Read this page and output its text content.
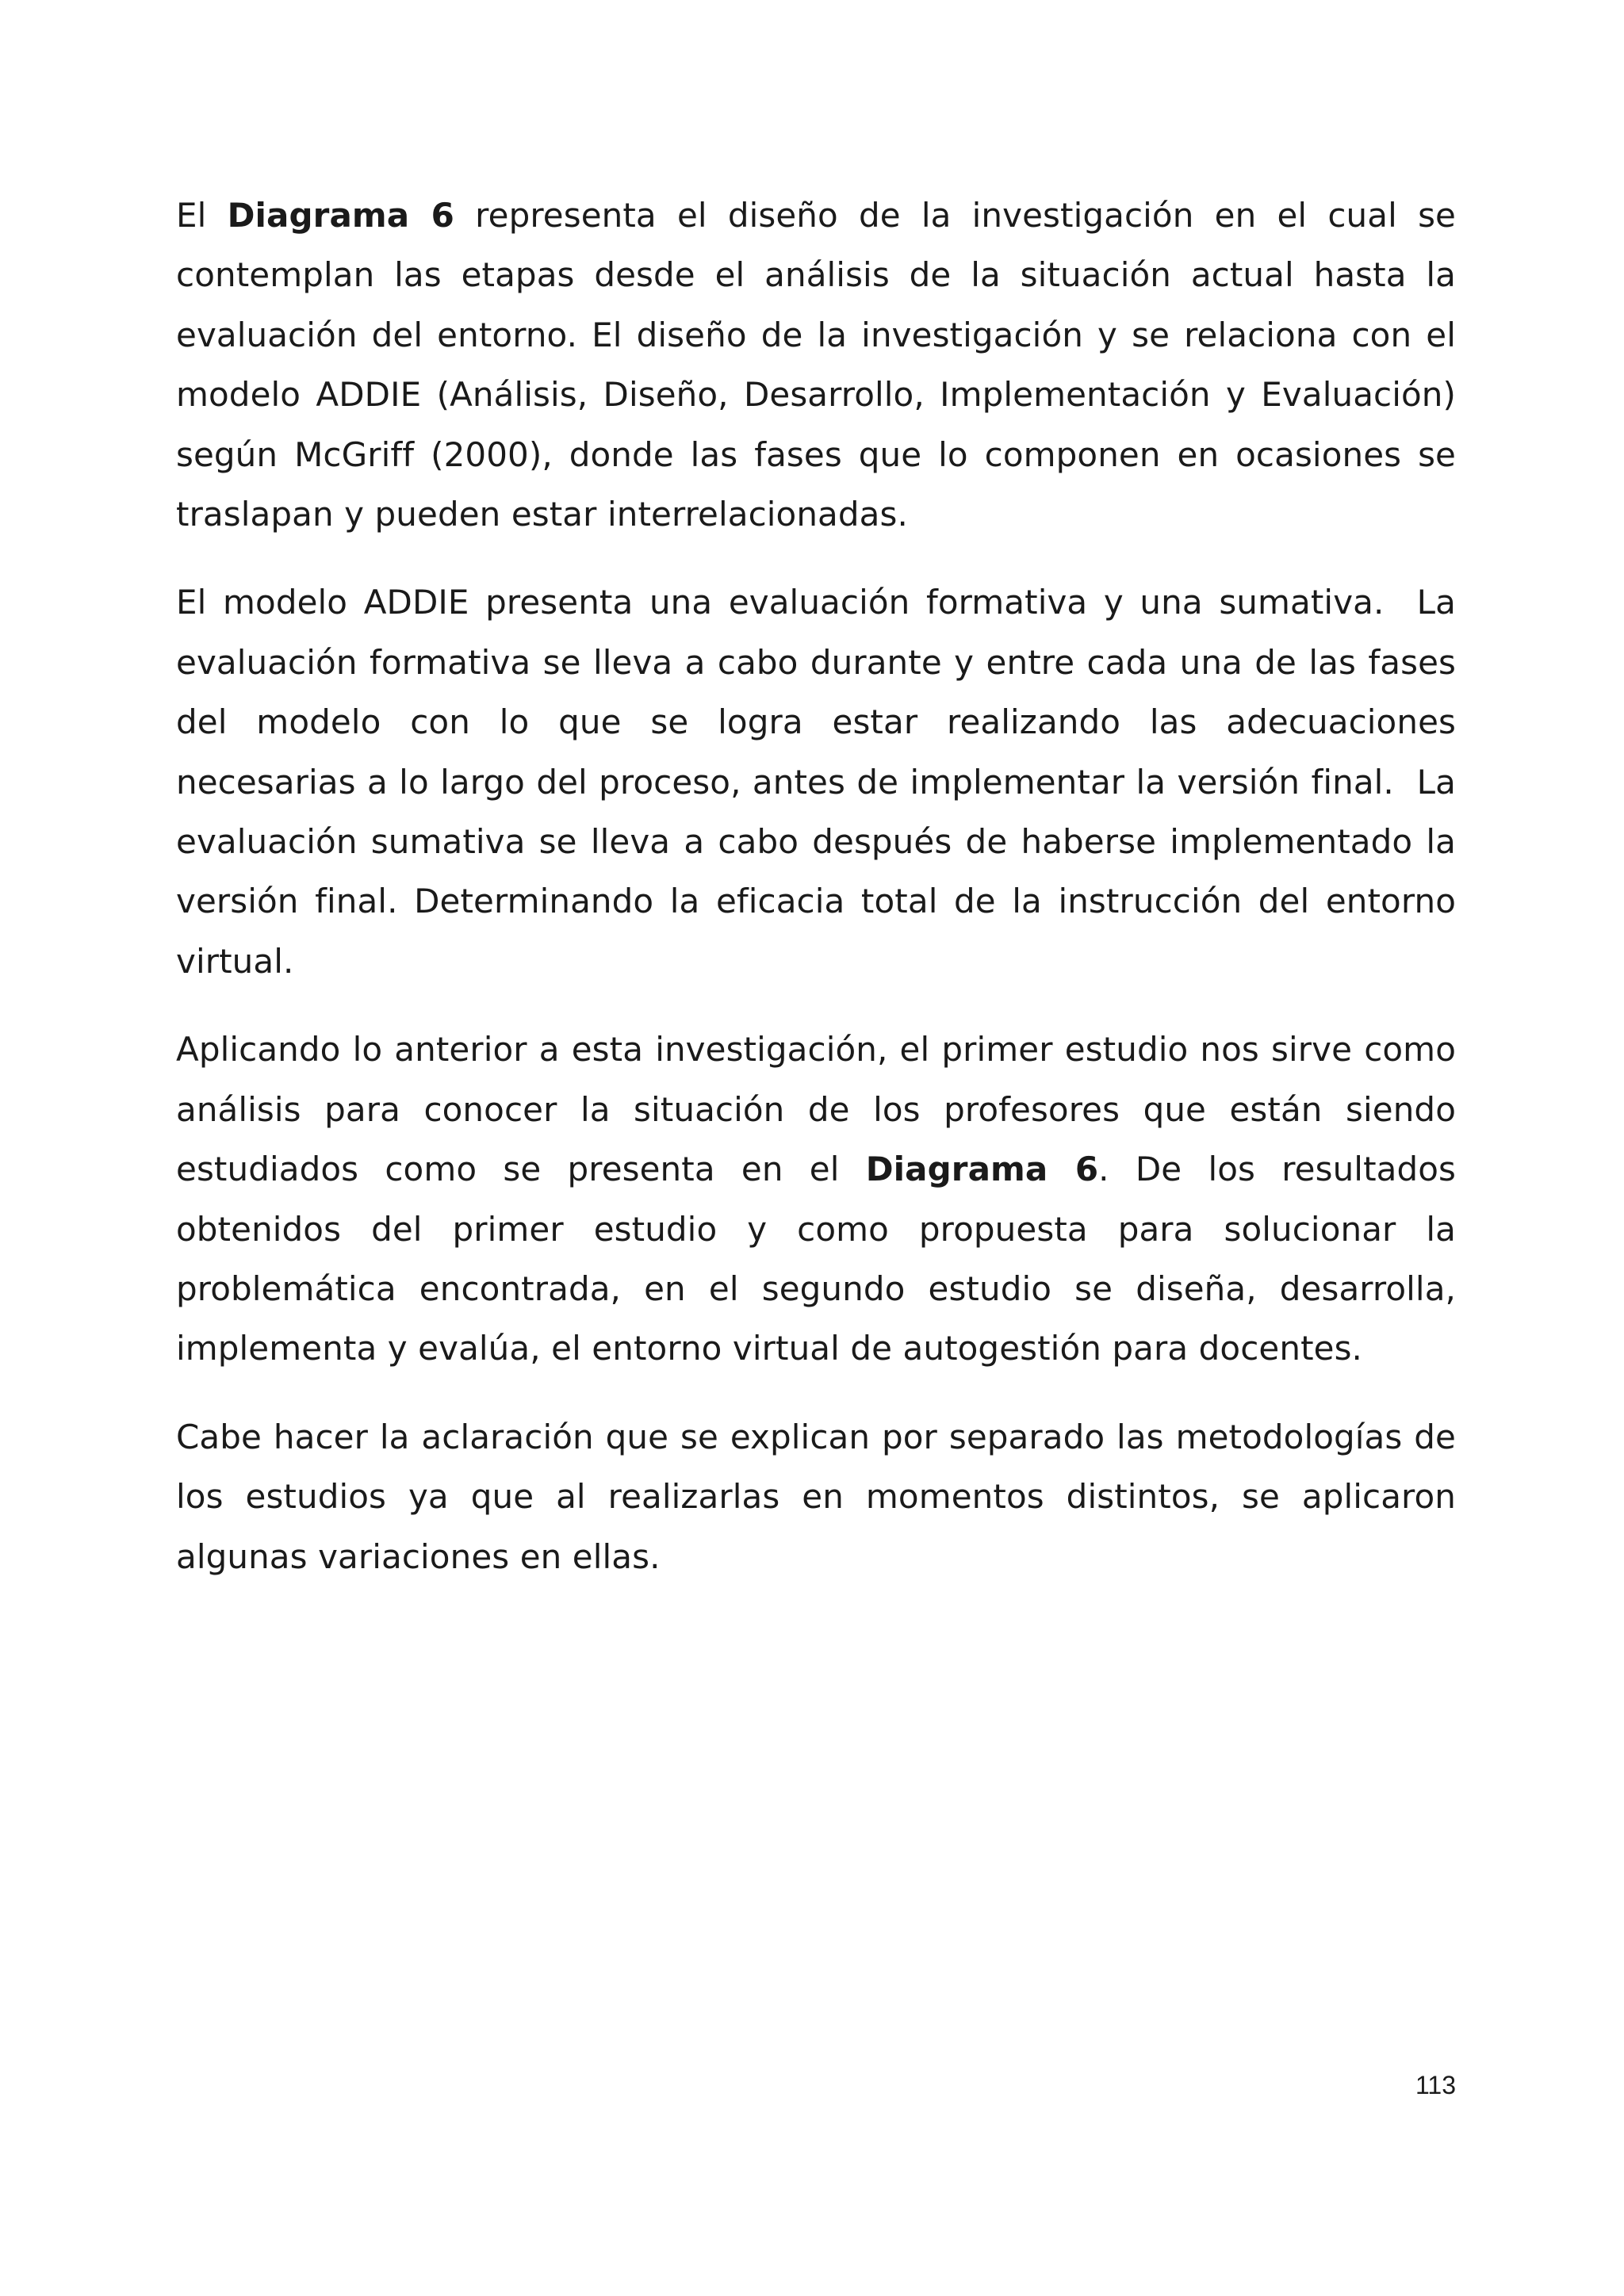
El Diagrama 6 representa el diseño de la investigación en el cual se contemplan las etapas desde el análisis de la situación actual hasta la evaluación del entorno. El diseño de la investigación y se relaciona con el modelo ADDIE (Análisis, Diseño, Desarrollo, Implementación y Evaluación) según McGriff (2000), donde las fases que lo componen en ocasiones se traslapan y pueden estar interrelacionadas.

El modelo ADDIE presenta una evaluación formativa y una sumativa.  La evaluación formativa se lleva a cabo durante y entre cada una de las fases del modelo con lo que se logra estar realizando las adecuaciones necesarias a lo largo del proceso, antes de implementar la versión final.  La evaluación sumativa se lleva a cabo después de haberse implementado la versión final. Determinando la eficacia total de la instrucción del entorno virtual.

Aplicando lo anterior a esta investigación, el primer estudio nos sirve como análisis para conocer la situación de los profesores que están siendo estudiados como se presenta en el Diagrama 6. De los resultados obtenidos del primer estudio y como propuesta para solucionar la problemática encontrada, en el segundo estudio se diseña, desarrolla, implementa y evalúa, el entorno virtual de autogestión para docentes.

Cabe hacer la aclaración que se explican por separado las metodologías de los estudios ya que al realizarlas en momentos distintos, se aplicaron algunas variaciones en ellas.

113
